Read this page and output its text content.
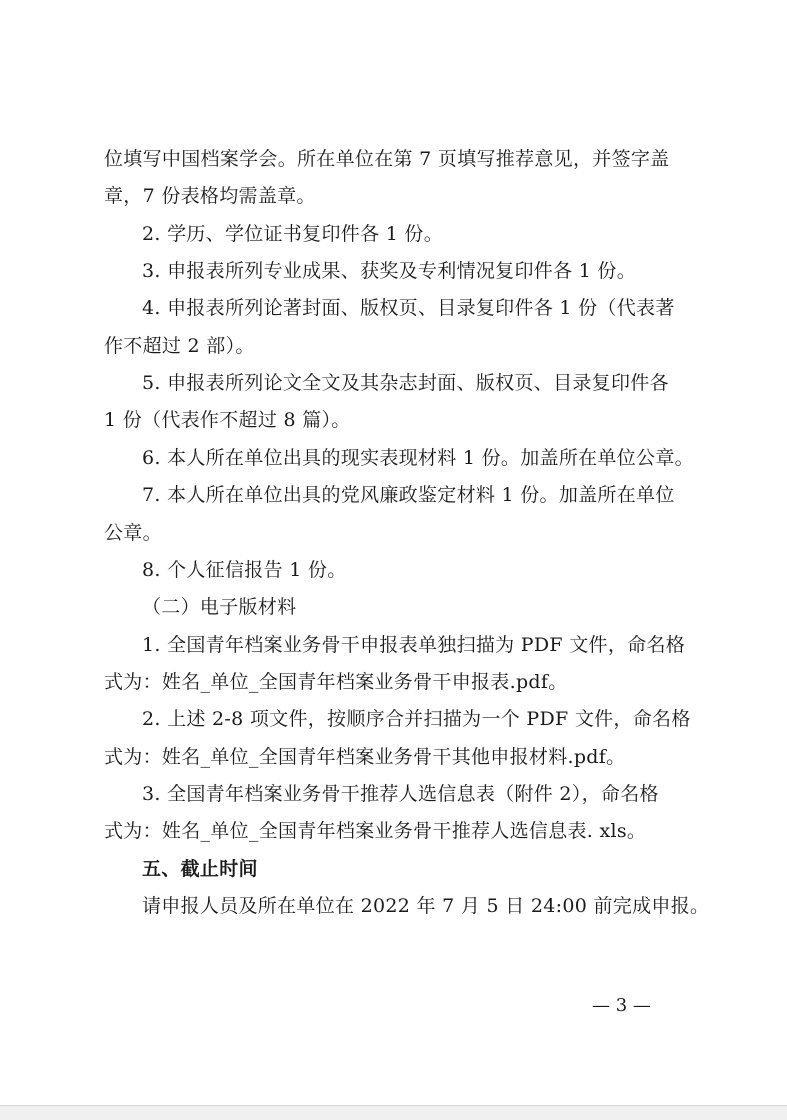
位填写中国档案学会。所在单位在第 7 页填写推荐意见，并签字盖
章，7 份表格均需盖章。
2. 学历、学位证书复印件各 1 份。
3. 申报表所列专业成果、获奖及专利情况复印件各 1 份。
4. 申报表所列论著封面、版权页、目录复印件各 1 份（代表著
作不超过 2 部）。
5. 申报表所列论文全文及其杂志封面、版权页、目录复印件各
1 份（代表作不超过 8 篇）。
6. 本人所在单位出具的现实表现材料 1 份。加盖所在单位公章。
7. 本人所在单位出具的党风廉政鉴定材料 1 份。加盖所在单位
公章。
8. 个人征信报告 1 份。
（二）电子版材料
1. 全国青年档案业务骨干申报表单独扫描为 PDF 文件，命名格
式为：姓名_单位_全国青年档案业务骨干申报表.pdf。
2. 上述 2-8 项文件，按顺序合并扫描为一个 PDF 文件，命名格
式为：姓名_单位_全国青年档案业务骨干其他申报材料.pdf。
3. 全国青年档案业务骨干推荐人选信息表（附件 2），命名格
式为：姓名_单位_全国青年档案业务骨干推荐人选信息表. xls。
五、截止时间
请申报人员及所在单位在 2022 年 7 月 5 日 24:00 前完成申报。
— 3 —
